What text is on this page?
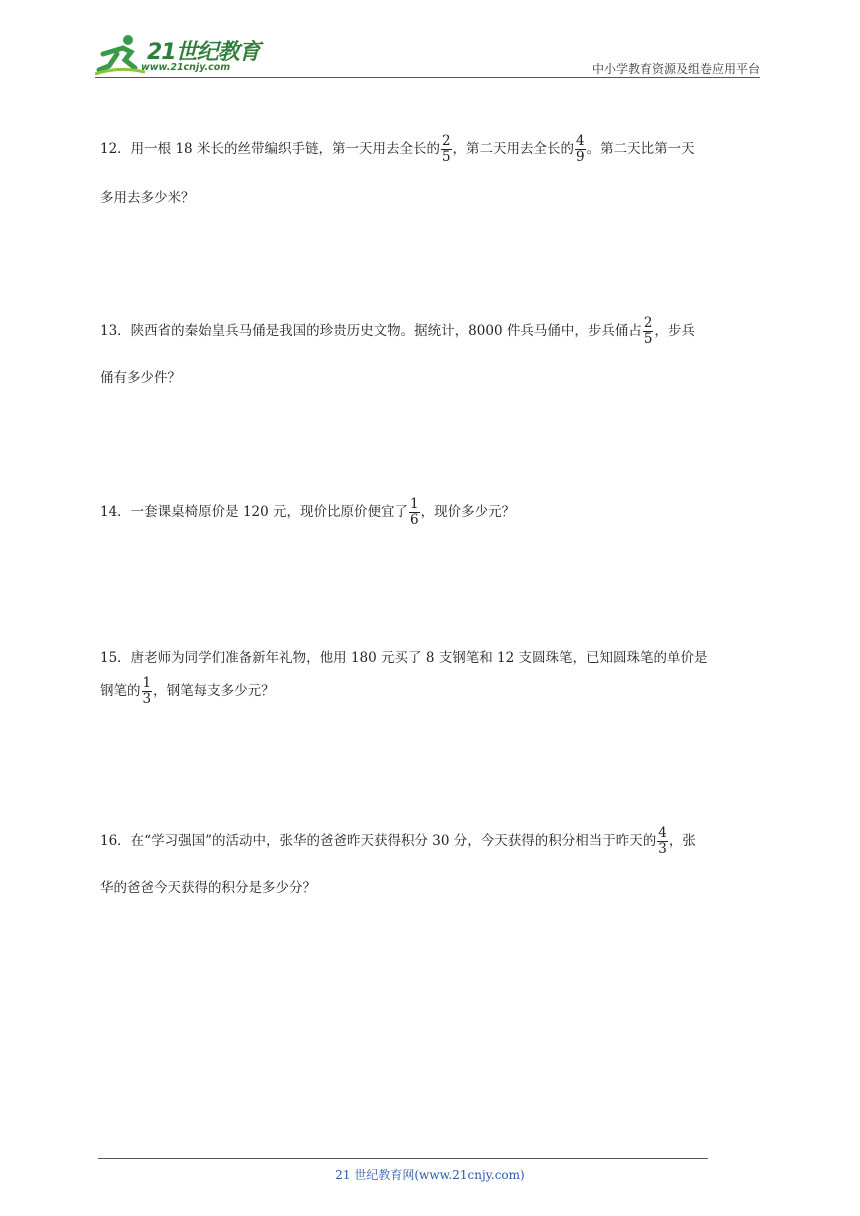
21世纪教育
www.21cnjy.com	中小学教育资源及组卷应用平台
12．用一根 18 米长的丝带编织手链，第一天用去全长的 $\frac{2}{5}$ ，第二天用去全长的 $\frac{4}{9}$ 。第二天比第一天
多用去多少米？
13．陕西省的秦始皇兵马俑是我国的珍贵历史文物。据统计，8000 件兵马俑中，步兵俑占 $\frac{2}{5}$ ，步兵
俑有多少件？
14．一套课桌椅原价是 120 元，现价比原价便宜了 $\frac{1}{6}$ ，现价多少元？
15．唐老师为同学们准备新年礼物，他用 180 元买了 8 支钢笔和 12 支圆珠笔，已知圆珠笔的单价是
钢笔的 $\frac{1}{3}$ ，钢笔每支多少元？
16．在“学习强国”的活动中，张华的爸爸昨天获得积分 30 分，今天获得的积分相当于昨天的 $\frac{4}{3}$ ，张
华的爸爸今天获得的积分是多少分？
21 世纪教育网(www.21cnjy.com)
